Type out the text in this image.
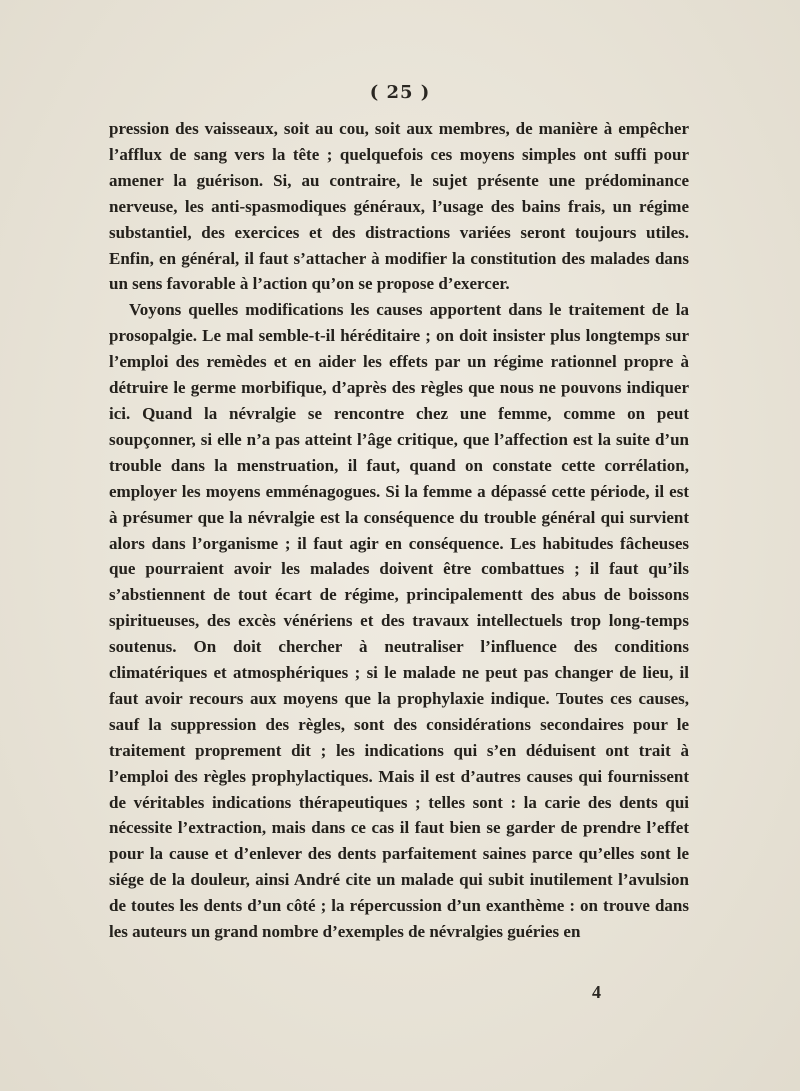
( 25 )

pression des vaisseaux, soit au cou, soit aux membres, de manière à empêcher l’afflux de sang vers la tête ; quelquefois ces moyens simples ont suffi pour amener la guérison. Si, au contraire, le sujet présente une prédominance nerveuse, les anti-spasmodiques généraux, l’usage des bains frais, un régime substantiel, des exercices et des distractions variées seront toujours utiles. Enfin, en général, il faut s’attacher à modifier la constitution des malades dans un sens favorable à l’action qu’on se propose d’exercer.

Voyons quelles modifications les causes apportent dans le traitement de la prosopalgie. Le mal semble-t-il héréditaire ; on doit insister plus longtemps sur l’emploi des remèdes et en aider les effets par un régime rationnel propre à détruire le germe morbifique, d’après des règles que nous ne pouvons indiquer ici. Quand la névralgie se rencontre chez une femme, comme on peut soupçonner, si elle n’a pas atteint l’âge critique, que l’affection est la suite d’un trouble dans la menstruation, il faut, quand on constate cette corrélation, employer les moyens emménagogues. Si la femme a dépassé cette période, il est à présumer que la névralgie est la conséquence du trouble général qui survient alors dans l’organisme ; il faut agir en conséquence. Les habitudes fâcheuses que pourraient avoir les malades doivent être combattues ; il faut qu’ils s’abstiennent de tout écart de régime, principalementt des abus de boissons spiritueuses, des excès vénériens et des travaux intellectuels trop long-temps soutenus. On doit chercher à neutraliser l’influence des conditions climatériques et atmosphériques ; si le malade ne peut pas changer de lieu, il faut avoir recours aux moyens que la prophylaxie indique. Toutes ces causes, sauf la suppression des règles, sont des considérations secondaires pour le traitement proprement dit ; les indications qui s’en déduisent ont trait à l’emploi des règles prophylactiques. Mais il est d’autres causes qui fournissent de véritables indications thérapeutiques ; telles sont : la carie des dents qui nécessite l’extraction, mais dans ce cas il faut bien se garder de prendre l’effet pour la cause et d’enlever des dents parfaitement saines parce qu’elles sont le siége de la douleur, ainsi André cite un malade qui subit inutilement l’avulsion de toutes les dents d’un côté ; la répercussion d’un exanthème : on trouve dans les auteurs un grand nombre d’exemples de névralgies guéries en

4
